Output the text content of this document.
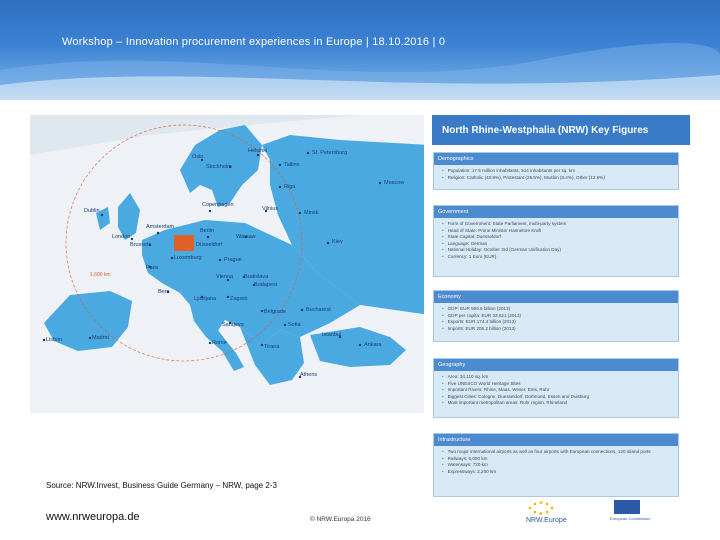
Workshop – Innovation procurement experiences in Europe | 18.10.2016 | 0
Oslo
Helsinki	St. Petersburg
Stockholm	Tallinn
Riga
Moscow
Dublin
Copenhagen
Vilnius
Minsk
Amsterdam
London
Berlin
Warsaw
Brussels	Düsseldorf	Kiev
Luxemburg	Prague
Paris
Vienna Bratislava
Budapest
Bern
Ljubljana	Zagreb
Belgrade	Bucharest
Sarajevo	Sofia
Lisbon	Madrid
Rome
Tirana
Istanbul
Ankara
Athens
1,600 km
North Rhine-Westphalia (NRW) Key Figures
Demographics
• Population: 17.5 million inhabitants, 514 inhabitants per sq. km
• Religion: Catholic (40.9%), Protestant (25.5%), Muslim (8.4%), Other (12.6%)
Government
• Form of Government: State Parliament, multi-party system
• Head of State: Prime Minister Hannelore Kraft
• State Capital: Duesseldorf
• Language: German
• National Holiday: October 3rd (German Unification Day)
• Currency: 1 Euro (EUR)
Economy
• GDP: EUR 599.8 billion (2013)
• GDP per capita: EUR 33,621 (2013)
• Exports: EUR 174.4 billion (2013)
• Imports: EUR 205.2 billion (2013)
Geography
• Area: 34,110 sq. km
• Five UNESCO World Heritage Sites
• Important Rivers: Rhine, Maas, Weser, Ems, Ruhr
• Biggest Cities: Cologne, Duesseldorf, Dortmund, Essen and Duisburg
• Most important metropolitan areas: Ruhr region, Rhineland
Infrastructure
• Two major international airports as well as four airports with European connections, 120 inland ports
• Railways: 6,000 km
• Waterways: 720 km
• Expressways: 2,200 km
Source: NRW.Invest, Business Guide Germany – NRW, page 2-3
www.nrweuropa.de	© NRW.Europa 2016	NRW.Europe	European Commission
